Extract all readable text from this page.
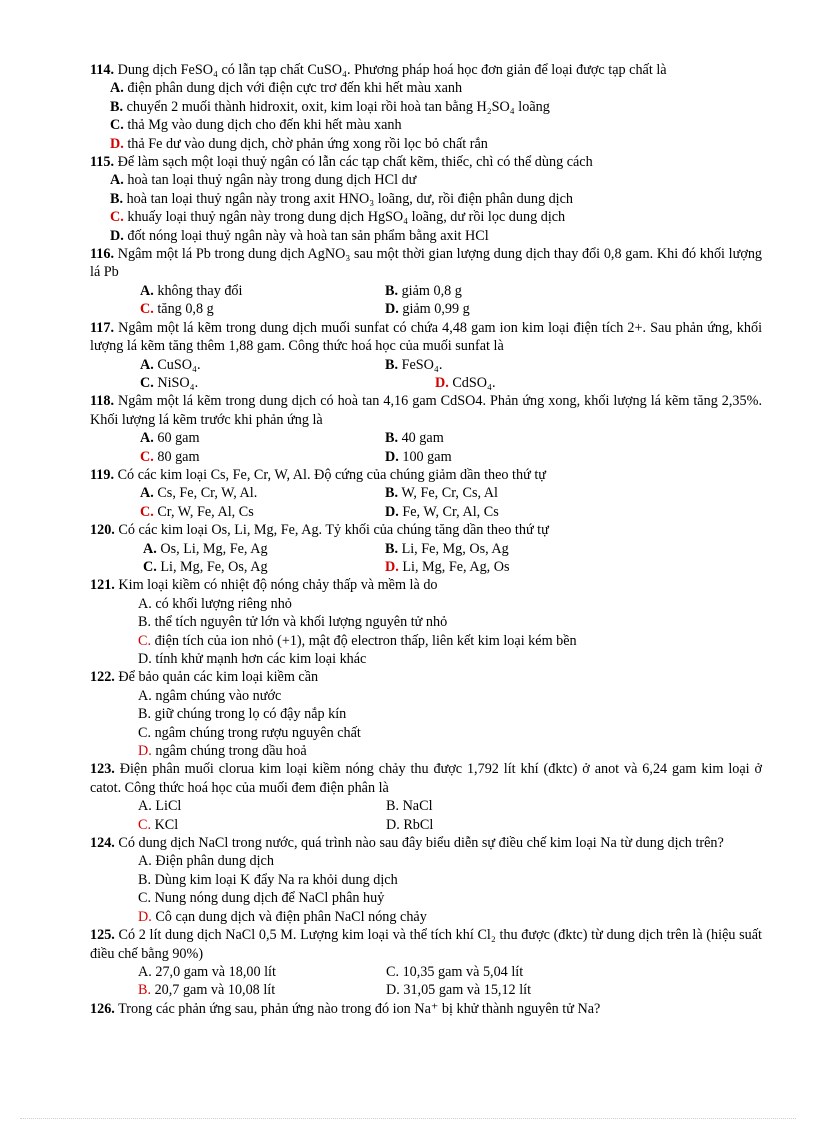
114. Dung dịch FeSO₄ có lẫn tạp chất CuSO₄. Phương pháp hoá học đơn giản để loại được tạp chất là
A. điện phân dung dịch với điện cực trơ đến khi hết màu xanh
B. chuyển 2 muối thành hidroxit, oxit, kim loại rồi hoà tan bằng H₂SO₄ loãng
C. thả Mg vào dung dịch cho đến khi hết màu xanh
D. thả Fe dư vào dung dịch, chờ phản ứng xong rồi lọc bỏ chất rắn
115. Để làm sạch một loại thuỷ ngân có lẫn các tạp chất kẽm, thiếc, chì có thể dùng cách
A. hoà tan loại thuỷ ngân này trong dung dịch HCl dư
B. hoà tan loại thuỷ ngân này trong axit HNO₃ loãng, dư, rồi điện phân dung dịch
C. khuấy loại thuỷ ngân này trong dung dịch HgSO₄ loãng, dư rồi lọc dung dịch
D. đốt nóng loại thuỷ ngân này và hoà tan sản phẩm bằng axit HCl
116. Ngâm một lá Pb trong dung dịch AgNO₃ sau một thời gian lượng dung dịch thay đổi 0,8 gam. Khi đó khối lượng lá Pb
A. không thay đổi	B. giảm 0,8 g
C. tăng 0,8 g	D. giảm 0,99 g
117. Ngâm một lá kẽm trong dung dịch muối sunfat có chứa 4,48 gam ion kim loại điện tích 2+. Sau phản ứng, khối lượng lá kẽm tăng thêm 1,88 gam. Công thức hoá học của muối sunfat là
A. CuSO₄.	B. FeSO₄.
C. NiSO₄.	D. CdSO₄.
118. Ngâm một lá kẽm trong dung dịch có hoà tan 4,16 gam CdSO4. Phản ứng xong, khối lượng lá kẽm tăng 2,35%. Khối lượng lá kẽm trước khi phản ứng là
A. 60 gam	B. 40 gam
C. 80 gam	D. 100 gam
119. Có các kim loại Cs, Fe, Cr, W, Al. Độ cứng của chúng giảm dần theo thứ tự
A. Cs, Fe, Cr, W, Al.	B. W, Fe, Cr, Cs, Al
C. Cr, W, Fe, Al, Cs	D. Fe, W, Cr, Al, Cs
120. Có các kim loại Os, Li, Mg, Fe, Ag. Tỷ khối của chúng tăng dần theo thứ tự
A. Os, Li, Mg, Fe, Ag	B. Li, Fe, Mg, Os, Ag
C. Li, Mg, Fe, Os, Ag	D. Li, Mg, Fe, Ag, Os
121. Kim loại kiềm có nhiệt độ nóng chảy thấp và mềm là do
A. có khối lượng riêng nhỏ
B. thể tích nguyên tử lớn và khối lượng nguyên tử nhỏ
C. điện tích của ion nhỏ (+1), mật độ electron thấp, liên kết kim loại kém bền
D. tính khử mạnh hơn các kim loại khác
122. Để bảo quản các kim loại kiềm cần
A. ngâm chúng vào nước
B. giữ chúng trong lọ có đậy nắp kín
C. ngâm chúng trong rượu nguyên chất
D. ngâm chúng trong dầu hoả
123. Điện phân muối clorua kim loại kiềm nóng chảy thu được 1,792 lít khí (đktc) ở anot và 6,24 gam kim loại ở catot. Công thức hoá học của muối đem điện phân là
A. LiCl	B. NaCl
C. KCl	D. RbCl
124. Có dung dịch NaCl trong nước, quá trình nào sau đây biểu diễn sự điều chế kim loại Na từ dung dịch trên?
A. Điện phân dung dịch
B. Dùng kim loại K đẩy Na ra khỏi dung dịch
C. Nung nóng dung dịch để NaCl phân huỷ
D. Cô cạn dung dịch và điện phân NaCl nóng chảy
125. Có 2 lít dung dịch NaCl 0,5 M. Lượng kim loại và thể tích khí Cl₂ thu được (đktc) từ dung dịch trên là (hiệu suất điều chế bằng 90%)
A. 27,0 gam và 18,00 lít	C. 10,35 gam và 5,04 lít
B. 20,7 gam và 10,08 lít	D. 31,05 gam và 15,12 lít
126. Trong các phản ứng sau, phản ứng nào trong đó ion Na⁺ bị khử thành nguyên tử Na?
